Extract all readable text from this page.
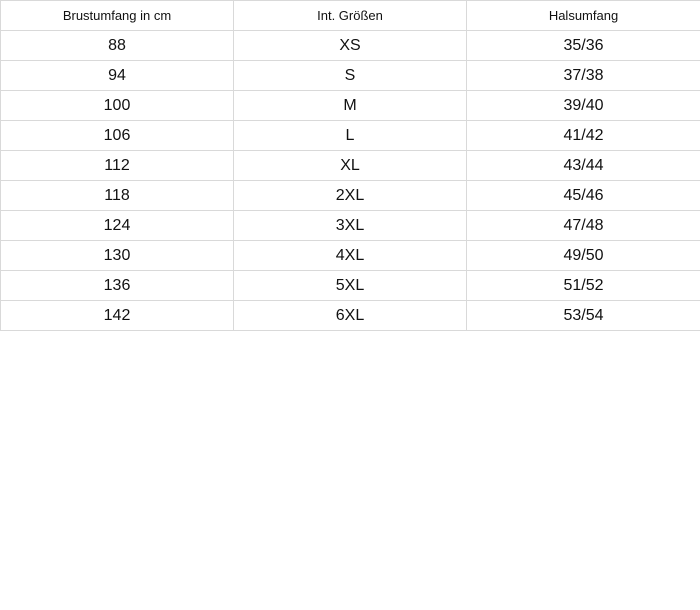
Brustumfang in cm	Int. Größen	Halsumfang
88	XS	35/36
94	S	37/38
100	M	39/40
106	L	41/42
112	XL	43/44
118	2XL	45/46
124	3XL	47/48
130	4XL	49/50
136	5XL	51/52
142	6XL	53/54
